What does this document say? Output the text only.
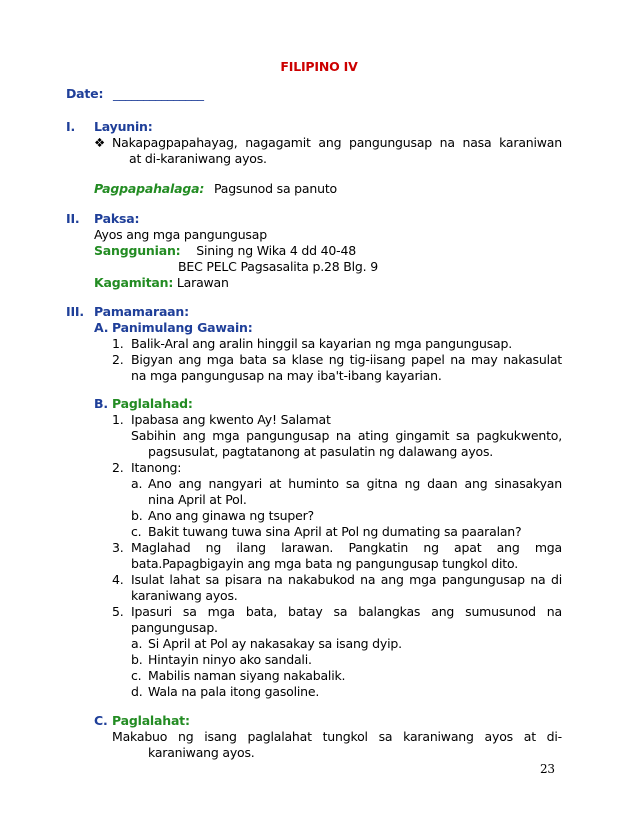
FILIPINO IV
Date: _______________
I. Layunin:
❖ Nakapagpapahayag, nagagamit ang pangungusap na nasa karaniwan
at di-karaniwang ayos.
Pagpapahalaga: Pagsunod sa panuto
II. Paksa:
Ayos ang mga pangungusap
Sanggunian: Sining ng Wika 4 dd 40-48
BEC PELC Pagsasalita p.28 Blg. 9
Kagamitan: Larawan
III. Pamamaraan:
A. Panimulang Gawain:
1. Balik-Aral ang aralin hinggil sa kayarian ng mga pangungusap.
2. Bigyan ang mga bata sa klase ng tig-iisang papel na may nakasulat
na mga pangungusap na may iba't-ibang kayarian.
B. Paglalahad:
1. Ipabasa ang kwento Ay! Salamat
Sabihin ang mga pangungusap na ating gingamit sa pagkukwento,
pagsusulat, pagtatanong at pasulatin ng dalawang ayos.
2. Itanong:
a. Ano ang nangyari at huminto sa gitna ng daan ang sinasakyan
nina April at Pol.
b. Ano ang ginawa ng tsuper?
c. Bakit tuwang tuwa sina April at Pol ng dumating sa paaralan?
3. Maglahad ng ilang larawan. Pangkatin ng apat ang mga
bata.Papagbigayin ang mga bata ng pangungusap tungkol dito.
4. Isulat lahat sa pisara na nakabukod na ang mga pangungusap na di
karaniwang ayos.
5. Ipasuri sa mga bata, batay sa balangkas ang sumusunod na
pangungusap.
a. Si April at Pol ay nakasakay sa isang dyip.
b. Hintayin ninyo ako sandali.
c. Mabilis naman siyang nakabalik.
d. Wala na pala itong gasoline.
C. Paglalahat:
Makabuo ng isang paglalahat tungkol sa karaniwang ayos at di-
karaniwang ayos.
23
